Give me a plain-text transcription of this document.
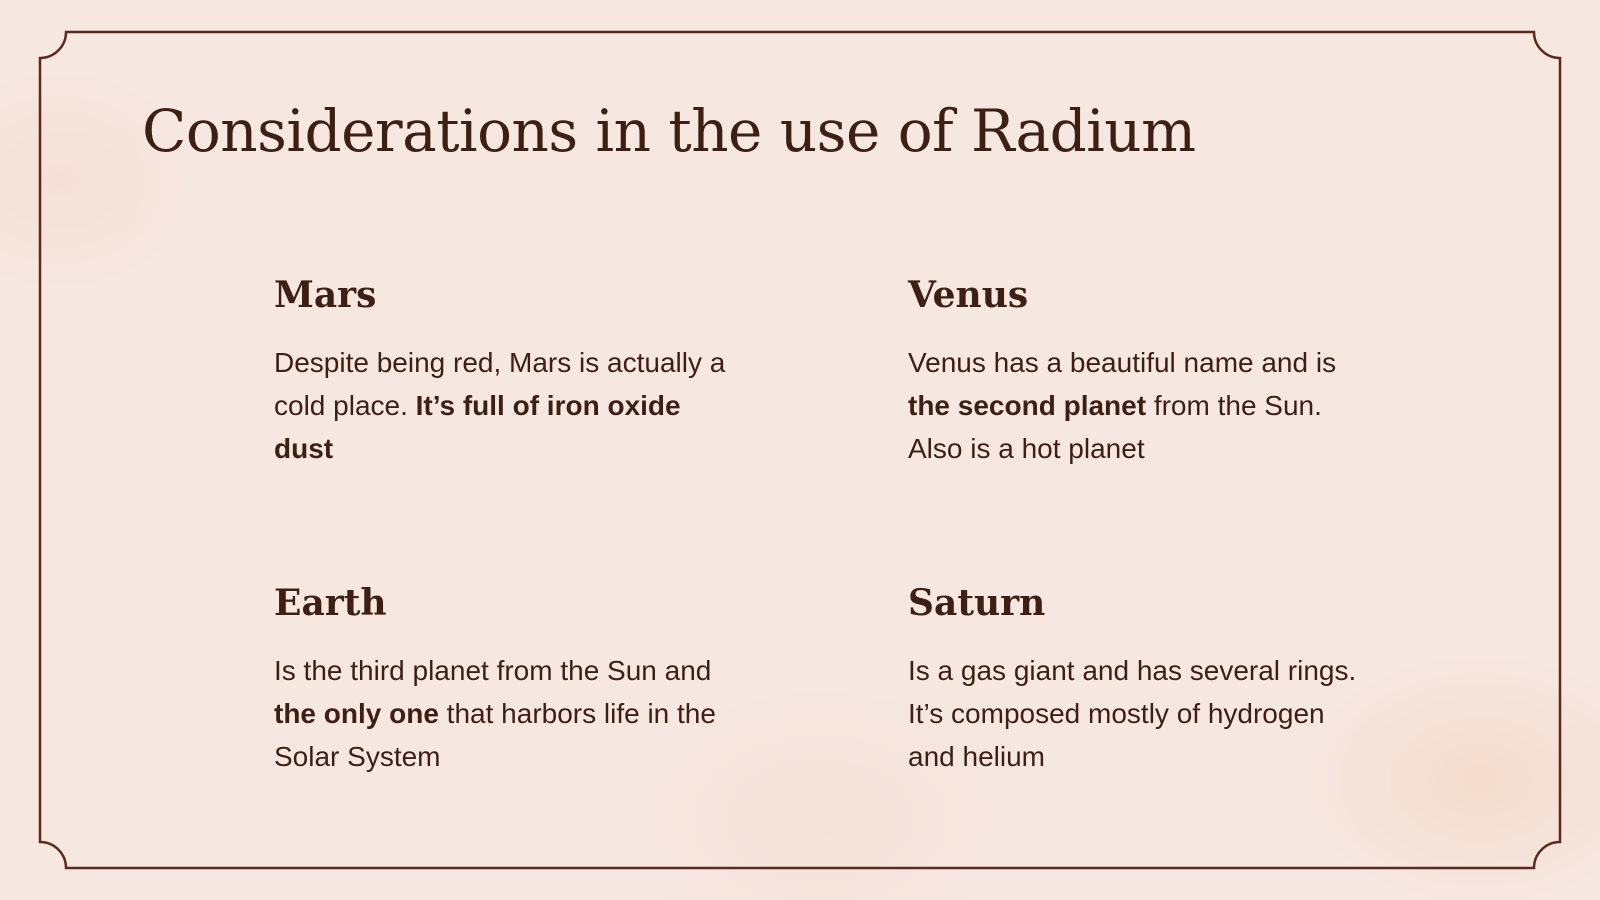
Considerations in the use of Radium
Mars

Despite being red, Mars is actually a cold place. It’s full of iron oxide dust

Venus

Venus has a beautiful name and is the second planet from the Sun. Also is a hot planet

Earth

Is the third planet from the Sun and the only one that harbors life in the Solar System

Saturn

Is a gas giant and has several rings. It’s composed mostly of hydrogen and helium
